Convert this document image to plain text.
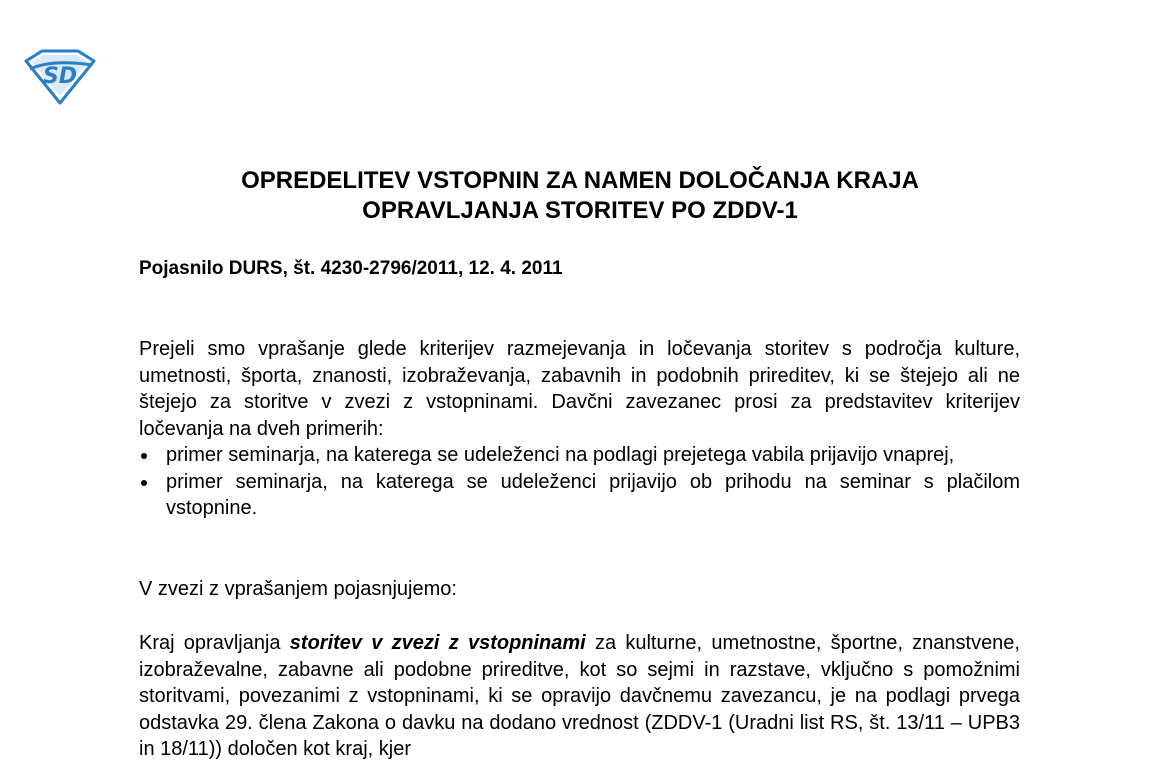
SD
OPREDELITEV VSTOPNIN ZA NAMEN DOLOČANJA KRAJA
OPRAVLJANJA STORITEV PO ZDDV-1
Pojasnilo DURS, št. 4230-2796/2011, 12. 4. 2011

Prejeli smo vprašanje glede kriterijev razmejevanja in ločevanja storitev s področja kulture, umetnosti, športa, znanosti, izobraževanja, zabavnih in podobnih prireditev, ki se štejejo ali ne štejejo za storitve v zvezi z vstopninami. Davčni zavezanec prosi za predstavitev kriterijev ločevanja na dveh primerih:

primer seminarja, na katerega se udeleženci na podlagi prejetega vabila prijavijo vnaprej,
primer seminarja, na katerega se udeleženci prijavijo ob prihodu na seminar s plačilom vstopnine.

V zvezi z vprašanjem pojasnjujemo:

Kraj opravljanja storitev v zvezi z vstopninami za kulturne, umetnostne, športne, znanstvene, izobraževalne, zabavne ali podobne prireditve, kot so sejmi in razstave, vključno s pomožnimi storitvami, povezanimi z vstopninami, ki se opravijo davčnemu zavezancu, je na podlagi prvega odstavka 29. člena Zakona o davku na dodano vrednost (ZDDV-1 (Uradni list RS, št. 13/11 – UPB3 in 18/11)) določen kot kraj, kjer
